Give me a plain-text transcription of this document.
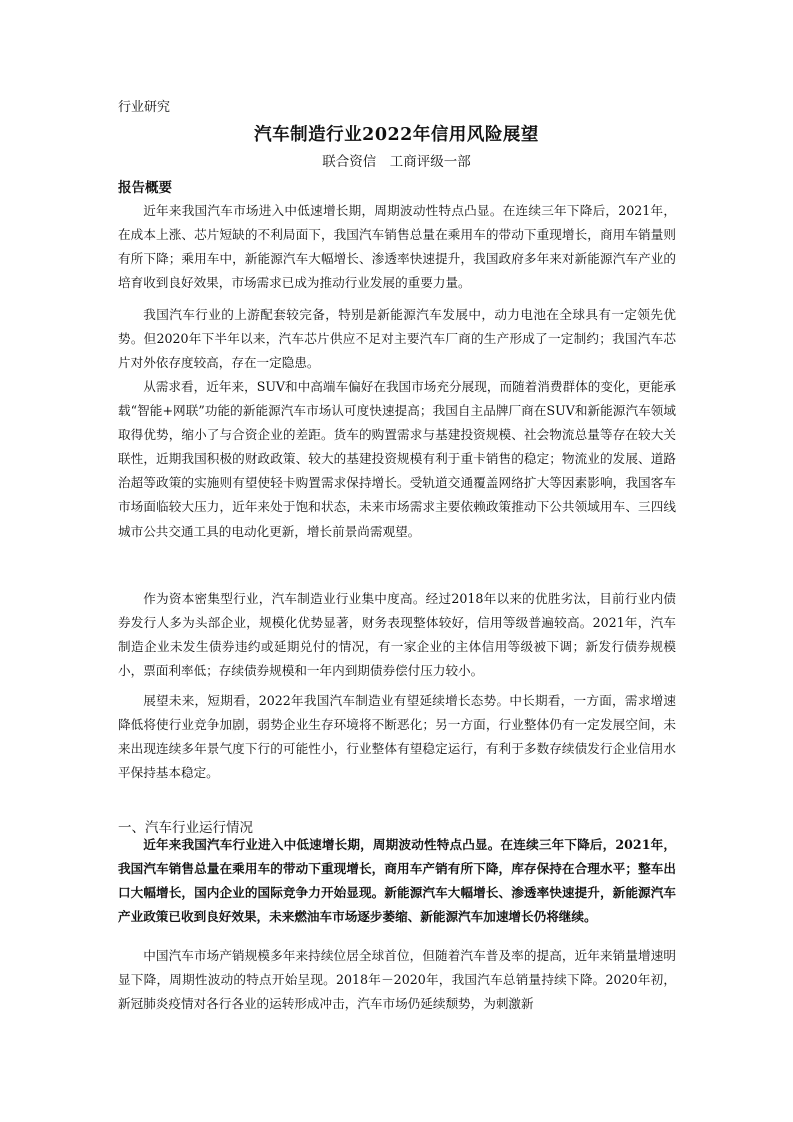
行业研究
汽车制造行业2022年信用风险展望
联合资信　工商评级一部
报告概要

近年来我国汽车市场进入中低速增长期，周期波动性特点凸显。在连续三年下降后，2021年，在成本上涨、芯片短缺的不利局面下，我国汽车销售总量在乘用车的带动下重现增长，商用车销量则有所下降；乘用车中，新能源汽车大幅增长、渗透率快速提升，我国政府多年来对新能源汽车产业的培育收到良好效果，市场需求已成为推动行业发展的重要力量。

我国汽车行业的上游配套较完备，特别是新能源汽车发展中，动力电池在全球具有一定领先优势。但2020年下半年以来，汽车芯片供应不足对主要汽车厂商的生产形成了一定制约；我国汽车芯片对外依存度较高，存在一定隐患。

从需求看，近年来，SUV和中高端车偏好在我国市场充分展现，而随着消费群体的变化，更能承载“智能+网联”功能的新能源汽车市场认可度快速提高；我国自主品牌厂商在SUV和新能源汽车领域取得优势，缩小了与合资企业的差距。货车的购置需求与基建投资规模、社会物流总量等存在较大关联性，近期我国积极的财政政策、较大的基建投资规模有利于重卡销售的稳定；物流业的发展、道路治超等政策的实施则有望使轻卡购置需求保持增长。受轨道交通覆盖网络扩大等因素影响，我国客车市场面临较大压力，近年来处于饱和状态，未来市场需求主要依赖政策推动下公共领域用车、三四线城市公共交通工具的电动化更新，增长前景尚需观望。

作为资本密集型行业，汽车制造业行业集中度高。经过2018年以来的优胜劣汰，目前行业内债券发行人多为头部企业，规模化优势显著，财务表现整体较好，信用等级普遍较高。2021年，汽车制造企业未发生债券违约或延期兑付的情况，有一家企业的主体信用等级被下调；新发行债券规模小，票面利率低；存续债券规模和一年内到期债券偿付压力较小。

展望未来，短期看，2022年我国汽车制造业有望延续增长态势。中长期看，一方面，需求增速降低将使行业竞争加剧，弱势企业生存环境将不断恶化；另一方面，行业整体仍有一定发展空间，未来出现连续多年景气度下行的可能性小，行业整体有望稳定运行，有利于多数存续债发行企业信用水平保持基本稳定。

一、汽车行业运行情况

近年来我国汽车行业进入中低速增长期，周期波动性特点凸显。在连续三年下降后，2021年，我国汽车销售总量在乘用车的带动下重现增长，商用车产销有所下降，库存保持在合理水平；整车出口大幅增长，国内企业的国际竞争力开始显现。新能源汽车大幅增长、渗透率快速提升，新能源汽车产业政策已收到良好效果，未来燃油车市场逐步萎缩、新能源汽车加速增长仍将继续。

中国汽车市场产销规模多年来持续位居全球首位，但随着汽车普及率的提高，近年来销量增速明显下降，周期性波动的特点开始呈现。2018年－2020年，我国汽车总销量持续下降。2020年初，新冠肺炎疫情对各行各业的运转形成冲击，汽车市场仍延续颓势，为刺激新
